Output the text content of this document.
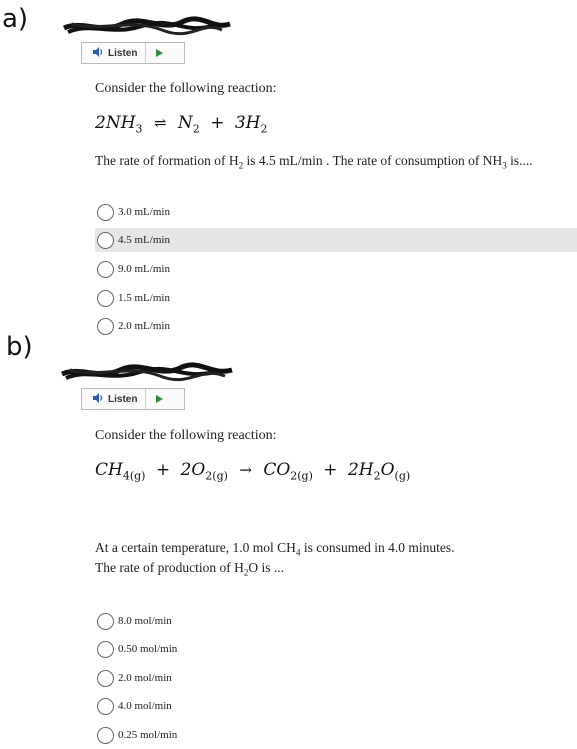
a)
b)
Listen
Consider the following reaction:
$2NH_3$ ⇌ $N_2 + 3H_2$
The rate of formation of $H_2$ is 4.5 mL/min . The rate of consumption of $NH_3$ is....
3.0 mL/min
4.5 mL/min
9.0 mL/min
1.5 mL/min
2.0 mL/min
Listen
Consider the following reaction:
$CH_{4(g)} + 2O_{2(g)} \to CO_{2(g)} + 2H_2O_{(g)}$
At a certain temperature, 1.0 mol $CH_4$ is consumed in 4.0 minutes.
The rate of production of $H_2O$ is ...
8.0 mol/min
0.50 mol/min
2.0 mol/min
4.0 mol/min
0.25 mol/min
